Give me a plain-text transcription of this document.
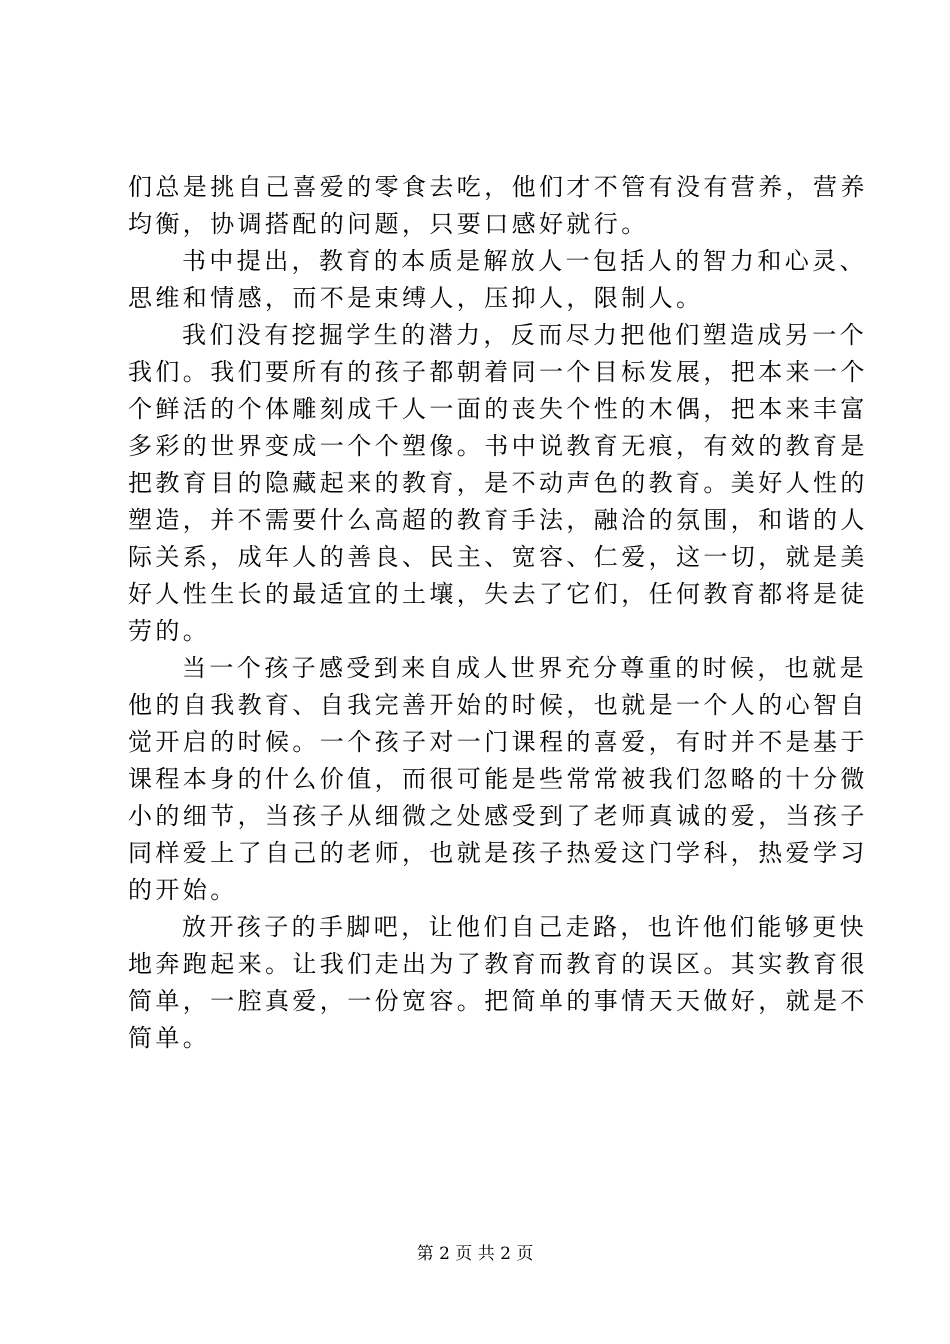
们总是挑自己喜爱的零食去吃，他们才不管有没有营养，营养
均衡，协调搭配的问题，只要口感好就行。
书中提出，教育的本质是解放人一包括人的智力和心灵、
思维和情感，而不是束缚人，压抑人，限制人。
我们没有挖掘学生的潜力，反而尽力把他们塑造成另一个
我们。我们要所有的孩子都朝着同一个目标发展，把本来一个
个鲜活的个体雕刻成千人一面的丧失个性的木偶，把本来丰富
多彩的世界变成一个个塑像。书中说教育无痕，有效的教育是
把教育目的隐藏起来的教育，是不动声色的教育。美好人性的
塑造，并不需要什么高超的教育手法，融洽的氛围，和谐的人
际关系，成年人的善良、民主、宽容、仁爱，这一切，就是美
好人性生长的最适宜的土壤，失去了它们，任何教育都将是徒
劳的。
当一个孩子感受到来自成人世界充分尊重的时候，也就是
他的自我教育、自我完善开始的时候，也就是一个人的心智自
觉开启的时候。一个孩子对一门课程的喜爱，有时并不是基于
课程本身的什么价值，而很可能是些常常被我们忽略的十分微
小的细节，当孩子从细微之处感受到了老师真诚的爱，当孩子
同样爱上了自己的老师，也就是孩子热爱这门学科，热爱学习
的开始。
放开孩子的手脚吧，让他们自己走路，也许他们能够更快
地奔跑起来。让我们走出为了教育而教育的误区。其实教育很
简单，一腔真爱，一份宽容。把简单的事情天天做好，就是不
简单。
第 2 页 共 2 页
